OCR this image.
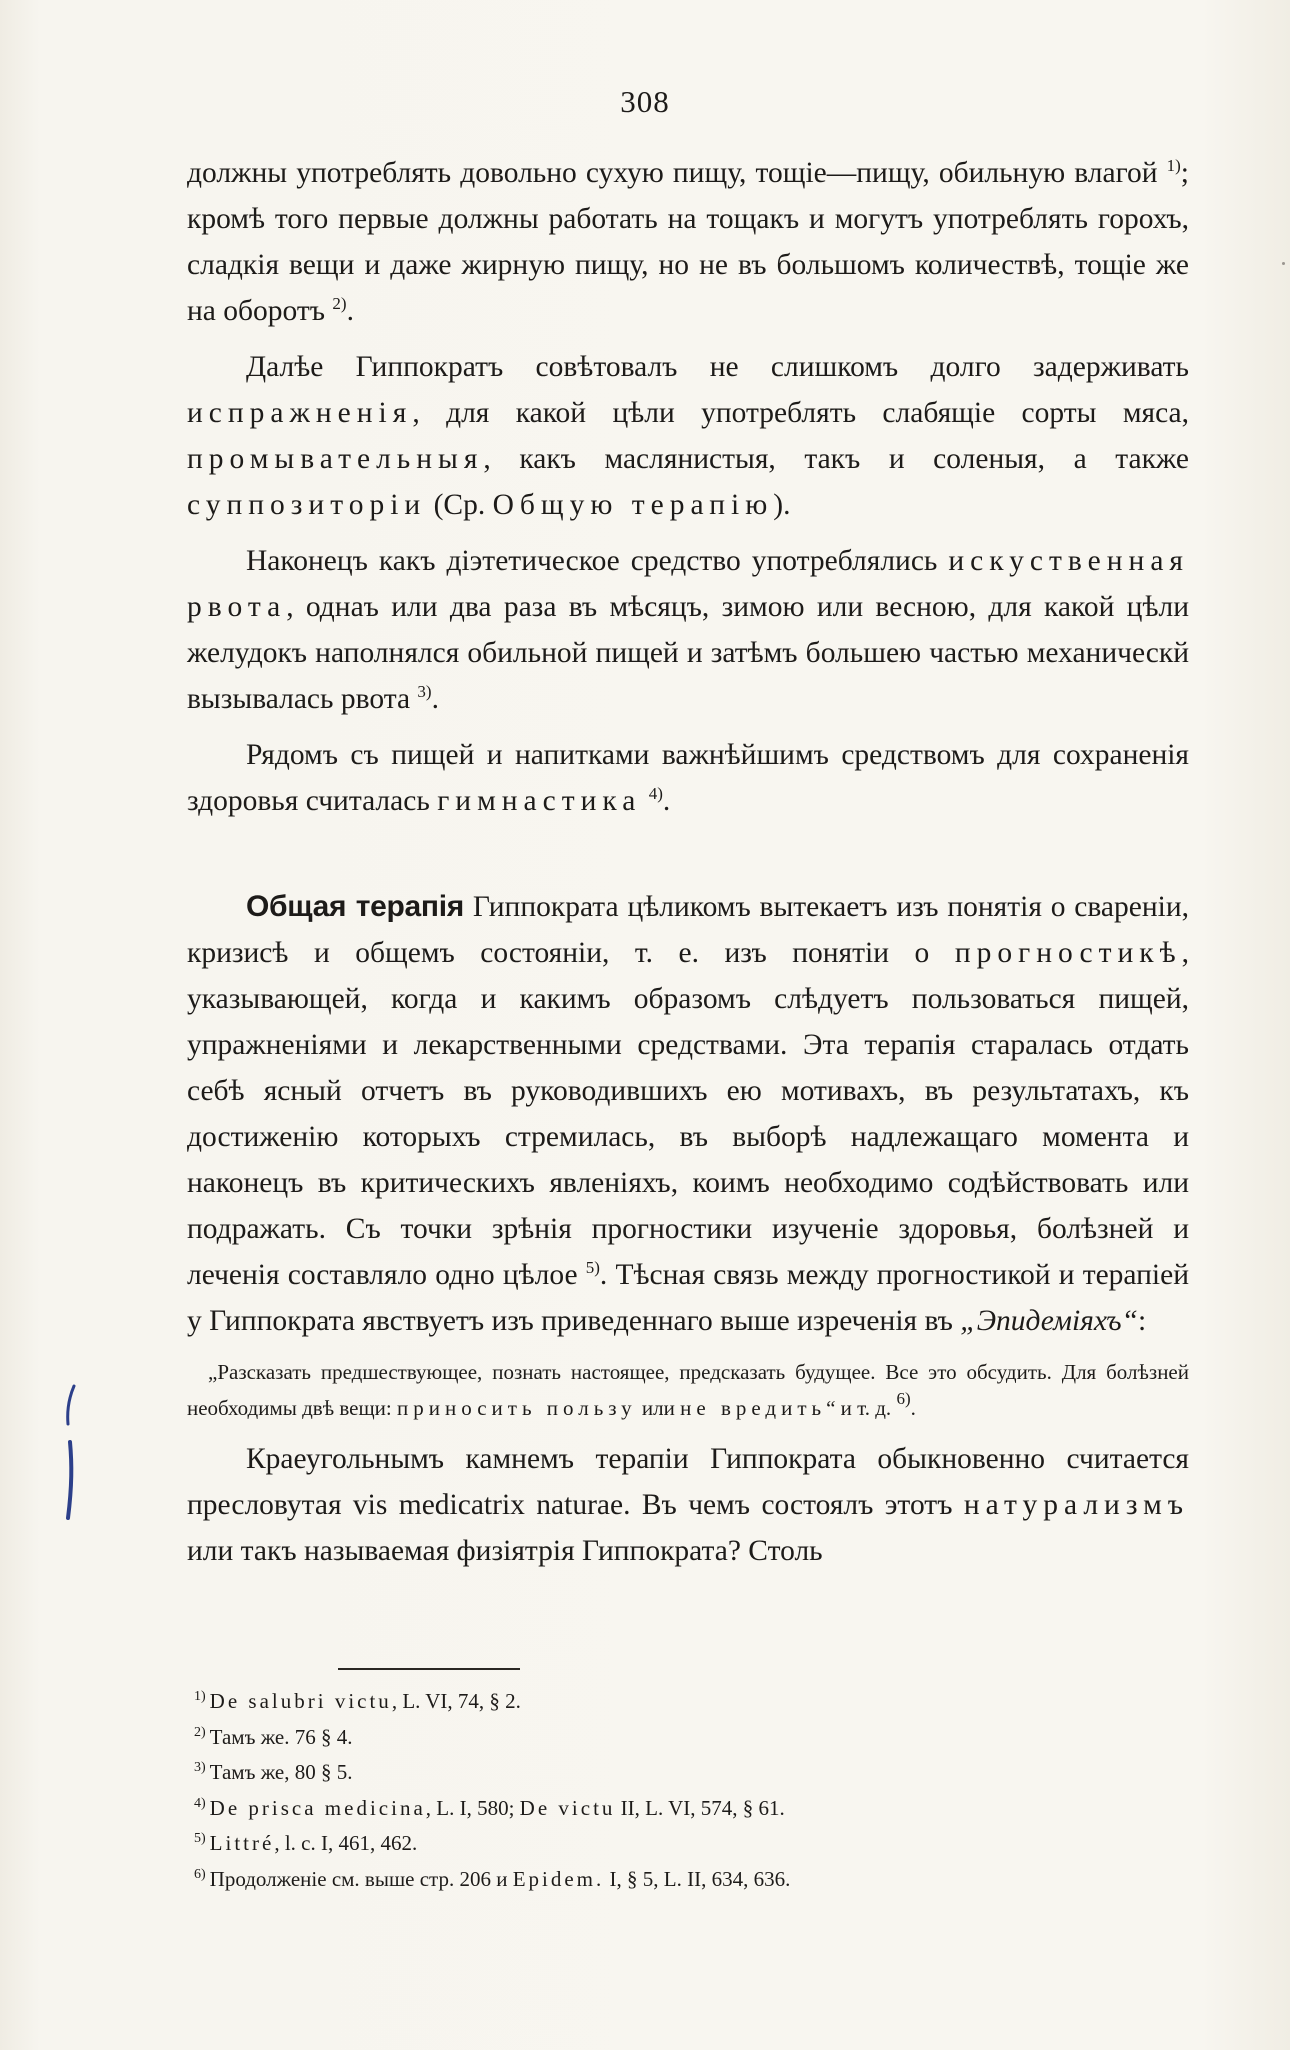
308

должны употреблять довольно сухую пищу, тощіе—пищу, обильную влагой $^{1)}$; кромѣ того первые должны работать на тощакъ и могутъ употреблять горохъ, сладкія вещи и даже жирную пищу, но не въ большомъ количествѣ, тощіе же на оборотъ $^{2)}$.

Далѣе Гиппократъ совѣтовалъ не слишкомъ долго задерживать испражненія, для какой цѣли употреблять слабящіе сорты мяса, промывательныя, какъ маслянистыя, такъ и соленыя, а также суппозиторіи (Ср. Общую терапію).

Наконецъ какъ діэтетическое средство употреблялись искуственная рвота, однаъ или два раза въ мѣсяцъ, зимою или весною, для какой цѣли желудокъ наполнялся обильной пищей и затѣмъ большею частью механическй вызывалась рвота $^{3)}$.

Рядомъ съ пищей и напитками важнѣйшимъ средствомъ для сохраненія здоровья считалась гимнастика $^{4)}$.

Общая терапія Гиппократа цѣликомъ вытекаетъ изъ понятія о свареніи, кризисѣ и общемъ состояніи, т. е. изъ понятіи о прогностикѣ, указывающей, когда и какимъ образомъ слѣдуетъ пользоваться пищей, упражненіями и лекарственными средствами. Эта терапія старалась отдать себѣ ясный отчетъ въ руководившихъ ею мотивахъ, въ результатахъ, къ достиженію которыхъ стремилась, въ выборѣ надлежащаго момента и наконецъ въ критическихъ явленіяхъ, коимъ необходимо содѣйствовать или подражать. Съ точки зрѣнія прогностики изученіе здоровья, болѣзней и леченія составляло одно цѣлое $^{5)}$. Тѣсная связь между прогностикой и терапіей у Гиппократа явствуетъ изъ приведеннаго выше изреченія въ „Эпидеміяхъ“:

„Разсказать предшествующее, познать настоящее, предсказать будущее. Все это обсудить. Для болѣзней необходимы двѣ вещи: приносить пользу или не вредить“ и т. д. $^{6)}$.

Краеугольнымъ камнемъ терапіи Гиппократа обыкновенно считается пресловутая vis medicatrix naturae. Въ чемъ состоялъ этотъ натурализмъ или такъ называемая физіятрія Гиппократа? Столь

$^{1)}$ De salubri victu, L. VI, 74, § 2.
$^{2)}$ Тамъ же. 76 § 4.
$^{3)}$ Тамъ же, 80 § 5.
$^{4)}$ De prisca medicina, L. I, 580; De victu II, L. VI, 574, § 61.
$^{5)}$ Littré, l. c. I, 461, 462.
$^{6)}$ Продолженіе см. выше стр. 206 и Epidem. I, § 5, L. II, 634, 636.
